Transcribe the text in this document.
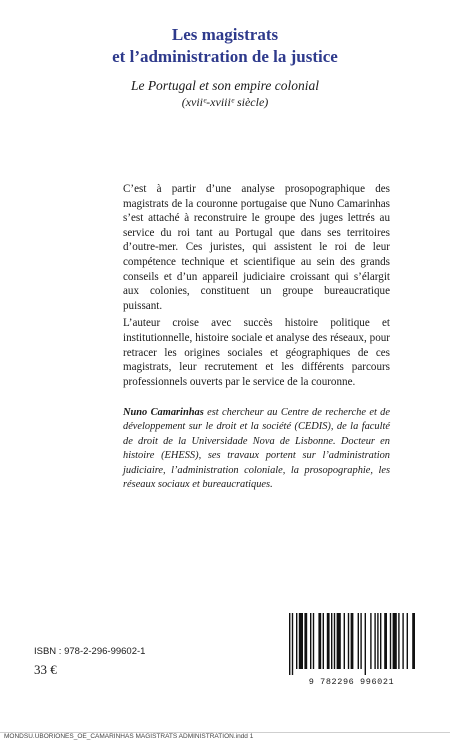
Les magistrats

et l’administration de la justice

Le Portugal et son empire colonial
(xviiᵉ-xviiiᵉ siècle)

C’est à partir d’une analyse prosopographique des magistrats de la couronne portugaise que Nuno Camarinhas s’est attaché à reconstruire le groupe des juges lettrés au service du roi tant au Portugal que dans ses territoires d’outre-mer. Ces juristes, qui assistent le roi de leur compétence technique et scientifique au sein des grands conseils et d’un appareil judiciaire croissant qui s’élargit aux colonies, constituent un groupe bureaucratique puissant.

L’auteur croise avec succès histoire politique et institutionnelle, histoire sociale et analyse des réseaux, pour retracer les origines sociales et géographiques de ces magistrats, leur recrutement et les différents parcours professionnels ouverts par le service de la couronne.

Nuno Camarinhas est chercheur au Centre de recherche et de développement sur le droit et la société (CEDIS), de la faculté de droit de la Universidade Nova de Lisbonne. Docteur en histoire (EHESS), ses travaux portent sur l’administration judiciaire, l’administration coloniale, la prosopographie, les réseaux sociaux et bureaucratiques.
ISBN : 978-2-296-99602-1
33 €
9 782296 996021
MONDSU.UBORIONES_OE_CAMARINHAS MAGISTRATS ADMINISTRATION.indd 1
